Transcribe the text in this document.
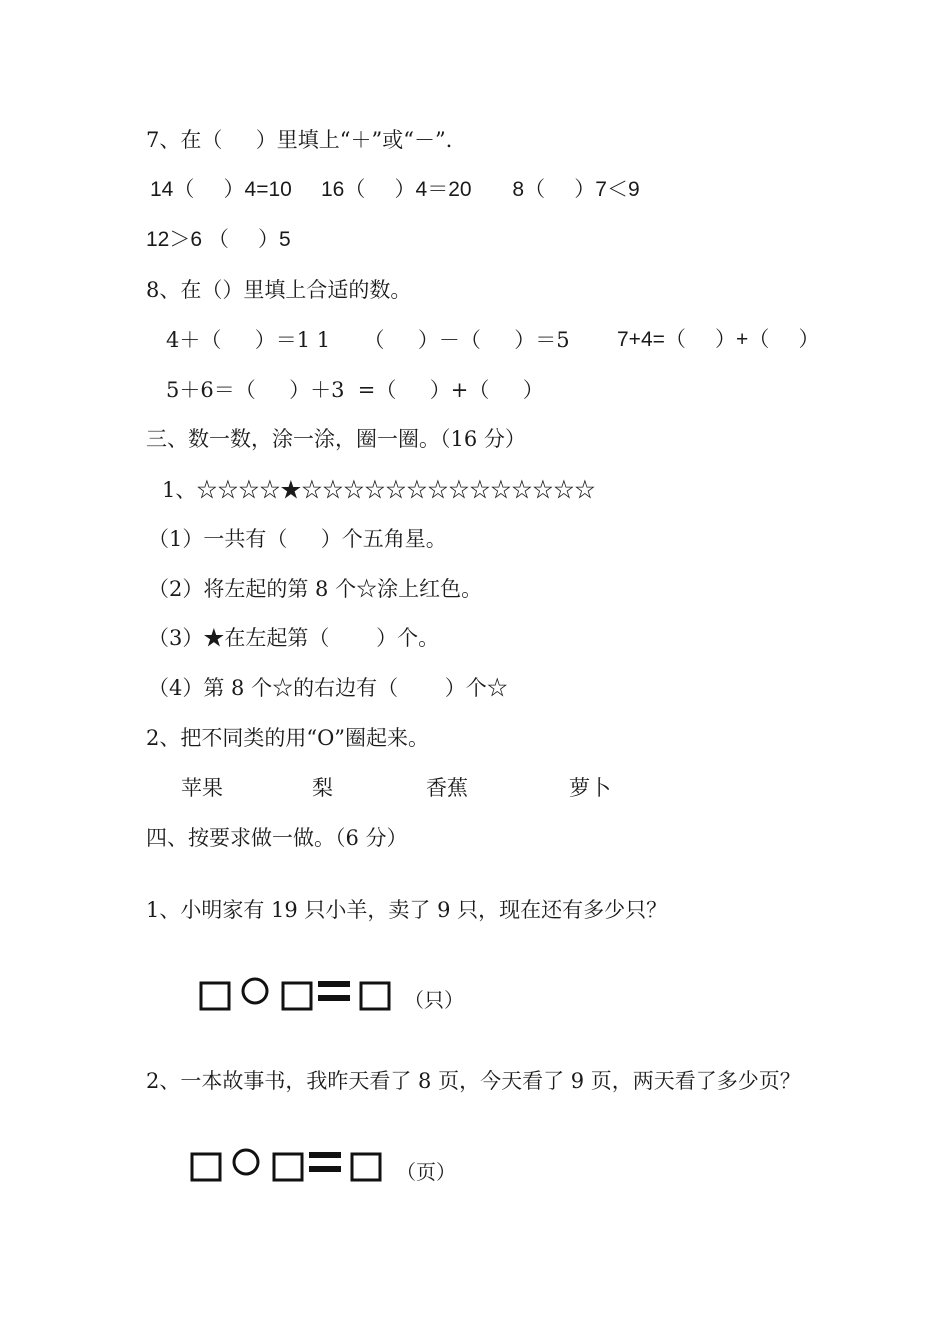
7、在（     ）里填上“＋”或“－”.

14（     ）4=10     16（     ）4＝20       8（     ）7＜9

12＞6 （     ）5

8、在（）里填上合适的数。

4＋（     ）＝1 1     （     ）－（     ）＝5 7+4=（     ）+（     ）

5＋6＝（     ）＋3  =（     ）+（     ）

三、数一数，涂一涂，圈一圈。（16 分）

1、☆☆☆☆★☆☆☆☆☆☆☆☆☆☆☆☆☆☆

（1）一共有（     ）个五角星。

（2）将左起的第 8 个☆涂上红色。

（3）★在左起第（       ）个。

（4）第 8 个☆的右边有（       ）个☆

2、把不同类的用“O”圈起来。

苹果	梨	香蕉	萝卜

四、按要求做一做。（6 分）

1、小明家有 19 只小羊，卖了 9 只，现在还有多少只？

（只）

2、一本故事书，我昨天看了 8 页，今天看了 9 页，两天看了多少页？

（页）
